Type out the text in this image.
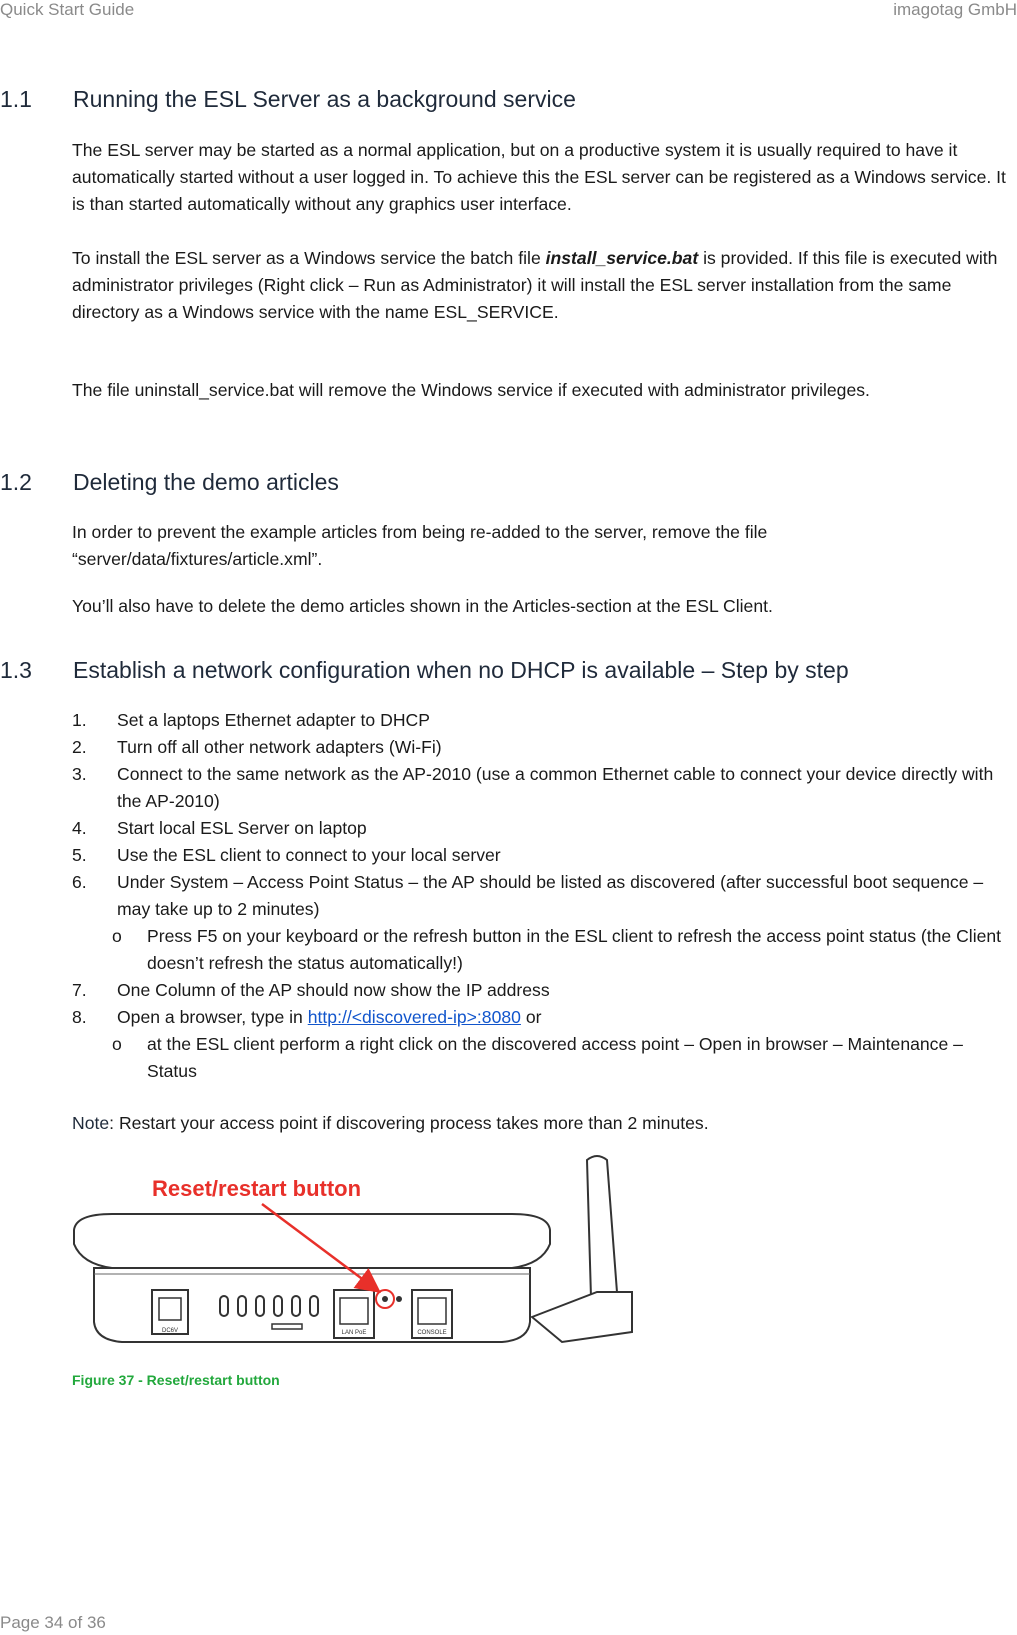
Quick Start Guide	imagotag GmbH
1.1 Running the ESL Server as a background service

The ESL server may be started as a normal application, but on a productive system it is usually required to have it automatically started without a user logged in. To achieve this the ESL server can be registered as a Windows service. It is than started automatically without any graphics user interface.

To install the ESL server as a Windows service the batch file install_service.bat is provided. If this file is executed with administrator privileges (Right click – Run as Administrator) it will install the ESL server installation from the same directory as a Windows service with the name ESL_SERVICE.

The file uninstall_service.bat will remove the Windows service if executed with administrator privileges.

1.2 Deleting the demo articles

In order to prevent the example articles from being re-added to the server, remove the file “server/data/fixtures/article.xml”.

You’ll also have to delete the demo articles shown in the Articles-section at the ESL Client.

1.3 Establish a network configuration when no DHCP is available – Step by step
1. Set a laptops Ethernet adapter to DHCP
2. Turn off all other network adapters (Wi-Fi)
3. Connect to the same network as the AP-2010 (use a common Ethernet cable to connect your device directly with the AP-2010)
4. Start local ESL Server on laptop
5. Use the ESL client to connect to your local server
6. Under System – Access Point Status – the AP should be listed as discovered (after successful boot sequence – may take up to 2 minutes)
o Press F5 on your keyboard or the refresh button in the ESL client to refresh the access point status (the Client doesn’t refresh the status automatically!)
7. One Column of the AP should now show the IP address
8. Open a browser, type in http://<discovered-ip>:8080 or
o at the ESL client perform a right click on the discovered access point – Open in browser – Maintenance – Status

Note: Restart your access point if discovering process takes more than 2 minutes.

DC6V	LAN PoE	CONSOLE
Reset/restart button
Figure 37 - Reset/restart button
Page 34 of 36
